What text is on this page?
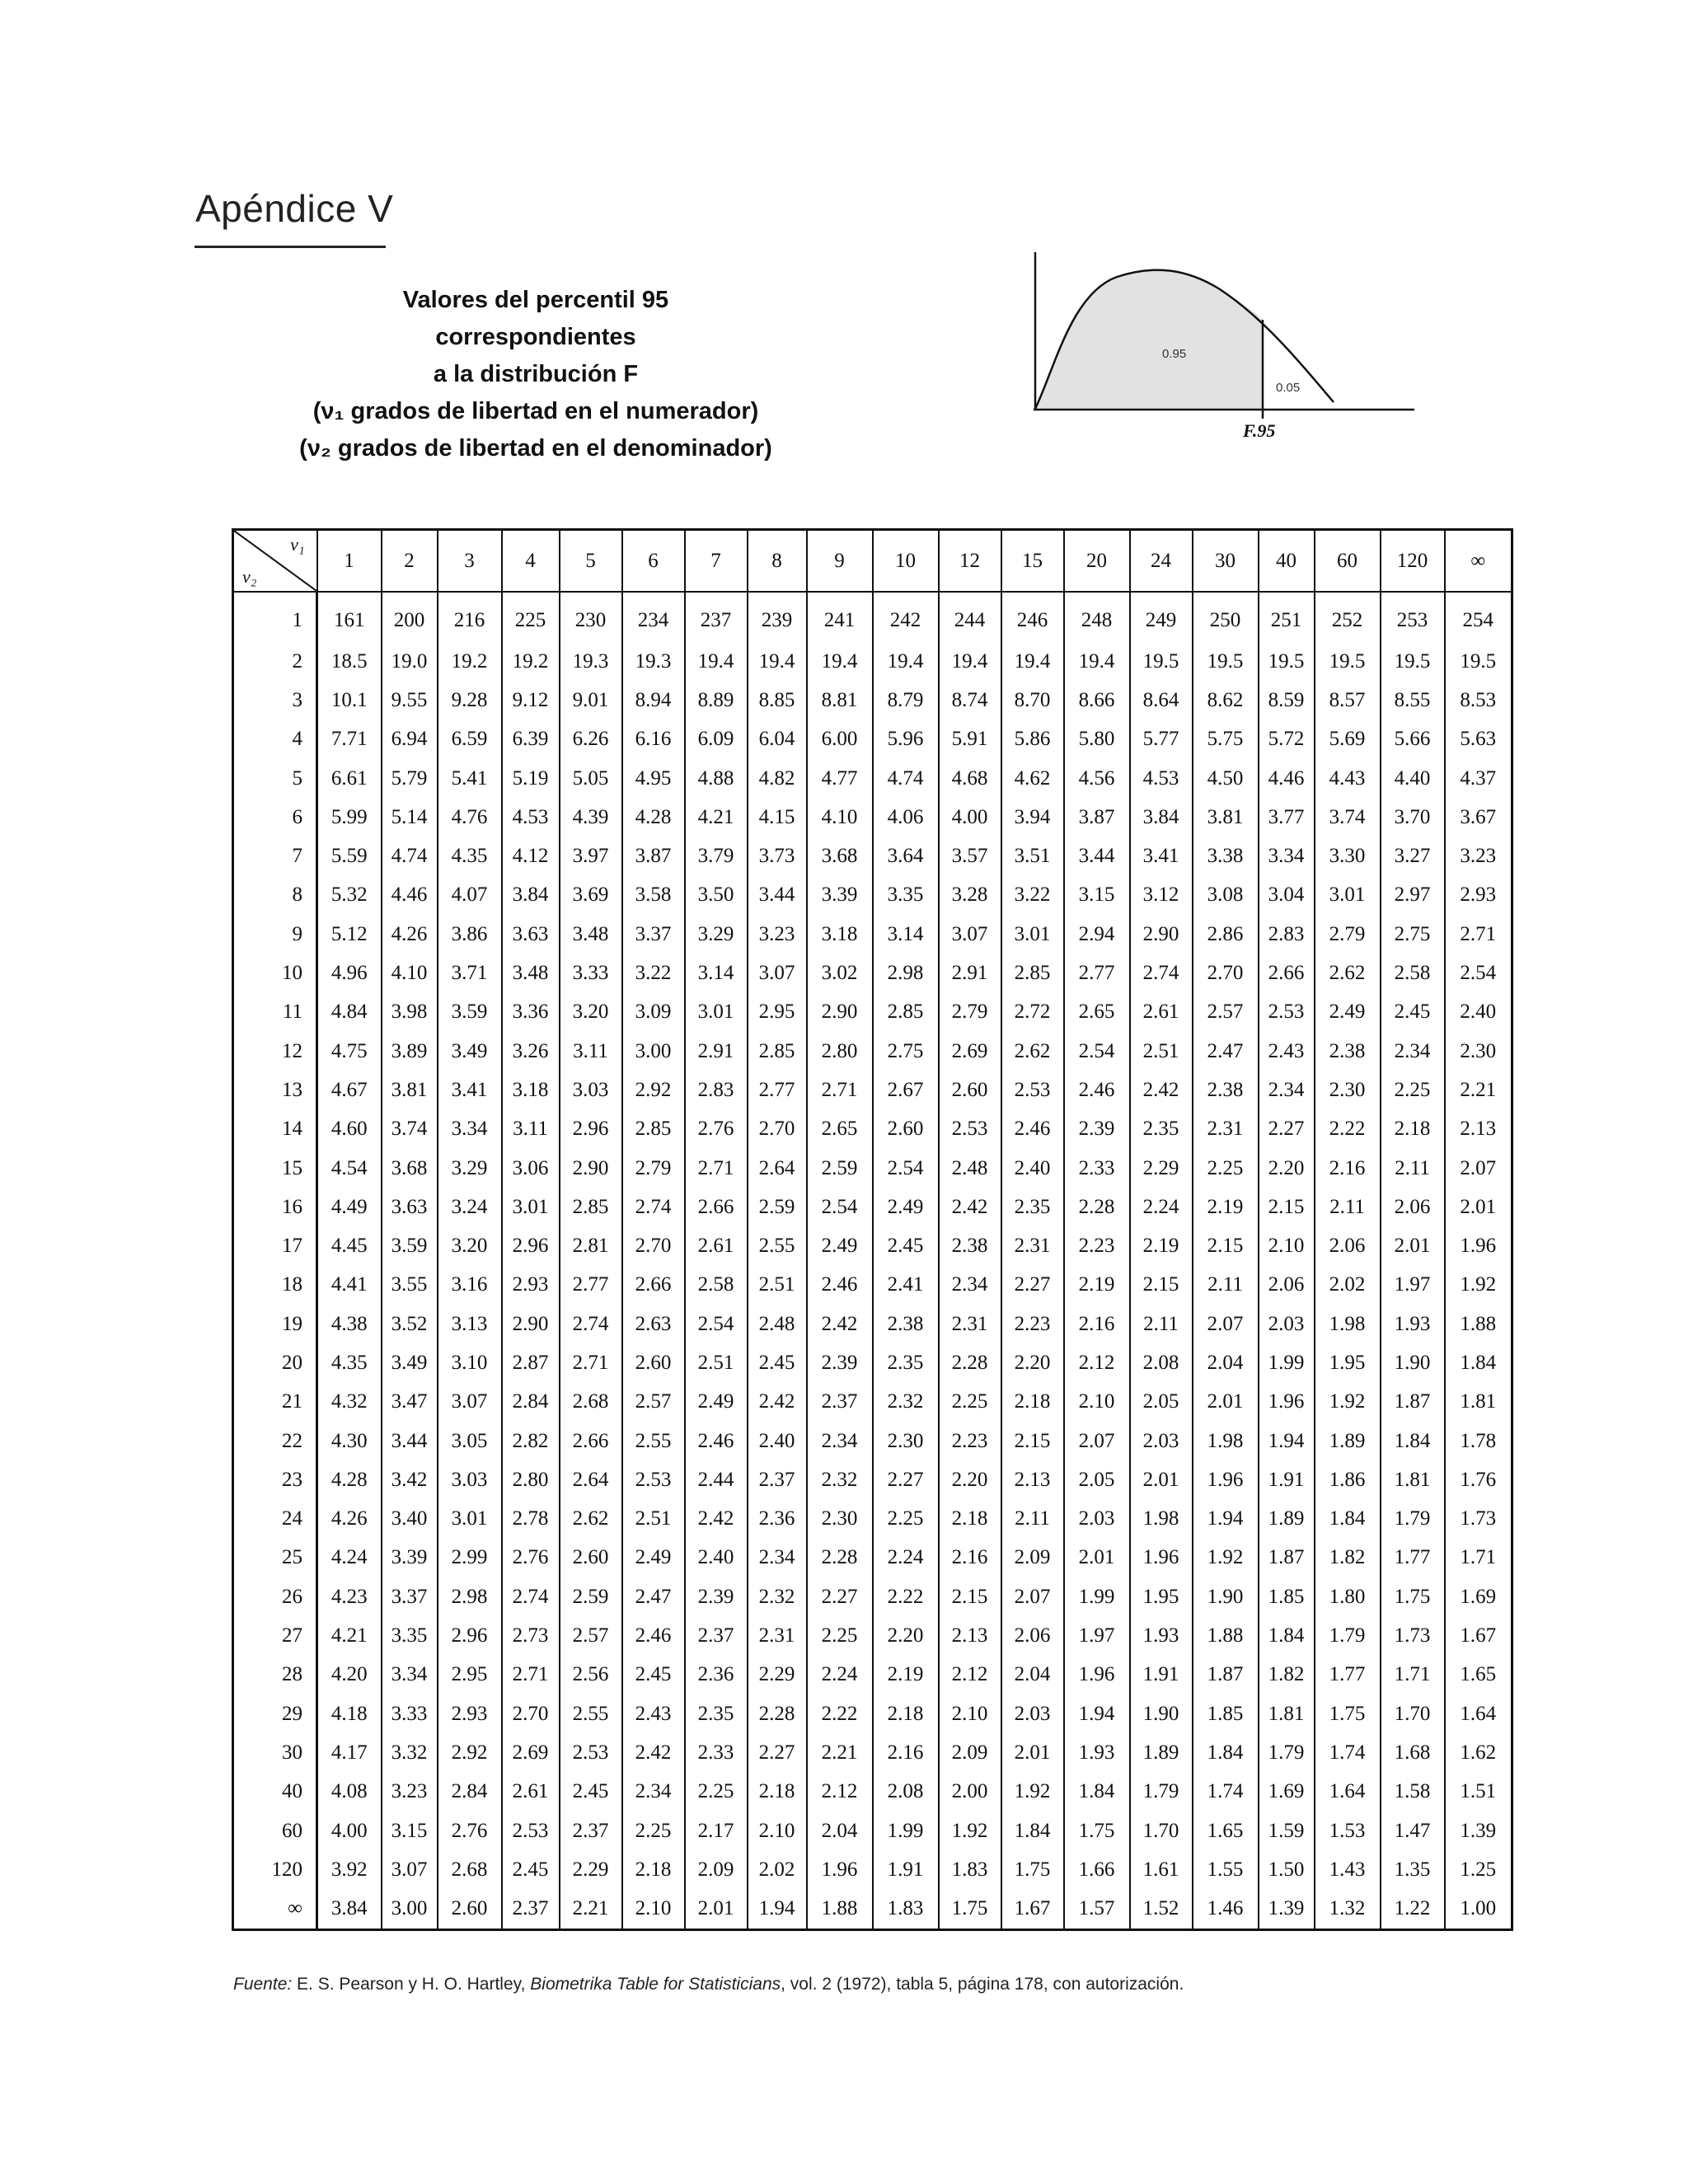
Apéndice V
Valores del percentil 95
correspondientes
a la distribución F
(ν₁ grados de libertad en el numerador)
(ν₂ grados de libertad en el denominador)
0.95
0.05
F.95
ν₁
ν₂	1	2	3	4	5	6	7	8	9	10	12	15	20	24	30	40	60	120	∞
1	161	200	216	225	230	234	237	239	241	242	244	246	248	249	250	251	252	253	254
2	18.5	19.0	19.2	19.2	19.3	19.3	19.4	19.4	19.4	19.4	19.4	19.4	19.4	19.5	19.5	19.5	19.5	19.5	19.5
3	10.1	9.55	9.28	9.12	9.01	8.94	8.89	8.85	8.81	8.79	8.74	8.70	8.66	8.64	8.62	8.59	8.57	8.55	8.53
4	7.71	6.94	6.59	6.39	6.26	6.16	6.09	6.04	6.00	5.96	5.91	5.86	5.80	5.77	5.75	5.72	5.69	5.66	5.63
5	6.61	5.79	5.41	5.19	5.05	4.95	4.88	4.82	4.77	4.74	4.68	4.62	4.56	4.53	4.50	4.46	4.43	4.40	4.37
6	5.99	5.14	4.76	4.53	4.39	4.28	4.21	4.15	4.10	4.06	4.00	3.94	3.87	3.84	3.81	3.77	3.74	3.70	3.67
7	5.59	4.74	4.35	4.12	3.97	3.87	3.79	3.73	3.68	3.64	3.57	3.51	3.44	3.41	3.38	3.34	3.30	3.27	3.23
8	5.32	4.46	4.07	3.84	3.69	3.58	3.50	3.44	3.39	3.35	3.28	3.22	3.15	3.12	3.08	3.04	3.01	2.97	2.93
9	5.12	4.26	3.86	3.63	3.48	3.37	3.29	3.23	3.18	3.14	3.07	3.01	2.94	2.90	2.86	2.83	2.79	2.75	2.71
10	4.96	4.10	3.71	3.48	3.33	3.22	3.14	3.07	3.02	2.98	2.91	2.85	2.77	2.74	2.70	2.66	2.62	2.58	2.54
11	4.84	3.98	3.59	3.36	3.20	3.09	3.01	2.95	2.90	2.85	2.79	2.72	2.65	2.61	2.57	2.53	2.49	2.45	2.40
12	4.75	3.89	3.49	3.26	3.11	3.00	2.91	2.85	2.80	2.75	2.69	2.62	2.54	2.51	2.47	2.43	2.38	2.34	2.30
13	4.67	3.81	3.41	3.18	3.03	2.92	2.83	2.77	2.71	2.67	2.60	2.53	2.46	2.42	2.38	2.34	2.30	2.25	2.21
14	4.60	3.74	3.34	3.11	2.96	2.85	2.76	2.70	2.65	2.60	2.53	2.46	2.39	2.35	2.31	2.27	2.22	2.18	2.13
15	4.54	3.68	3.29	3.06	2.90	2.79	2.71	2.64	2.59	2.54	2.48	2.40	2.33	2.29	2.25	2.20	2.16	2.11	2.07
16	4.49	3.63	3.24	3.01	2.85	2.74	2.66	2.59	2.54	2.49	2.42	2.35	2.28	2.24	2.19	2.15	2.11	2.06	2.01
17	4.45	3.59	3.20	2.96	2.81	2.70	2.61	2.55	2.49	2.45	2.38	2.31	2.23	2.19	2.15	2.10	2.06	2.01	1.96
18	4.41	3.55	3.16	2.93	2.77	2.66	2.58	2.51	2.46	2.41	2.34	2.27	2.19	2.15	2.11	2.06	2.02	1.97	1.92
19	4.38	3.52	3.13	2.90	2.74	2.63	2.54	2.48	2.42	2.38	2.31	2.23	2.16	2.11	2.07	2.03	1.98	1.93	1.88
20	4.35	3.49	3.10	2.87	2.71	2.60	2.51	2.45	2.39	2.35	2.28	2.20	2.12	2.08	2.04	1.99	1.95	1.90	1.84
21	4.32	3.47	3.07	2.84	2.68	2.57	2.49	2.42	2.37	2.32	2.25	2.18	2.10	2.05	2.01	1.96	1.92	1.87	1.81
22	4.30	3.44	3.05	2.82	2.66	2.55	2.46	2.40	2.34	2.30	2.23	2.15	2.07	2.03	1.98	1.94	1.89	1.84	1.78
23	4.28	3.42	3.03	2.80	2.64	2.53	2.44	2.37	2.32	2.27	2.20	2.13	2.05	2.01	1.96	1.91	1.86	1.81	1.76
24	4.26	3.40	3.01	2.78	2.62	2.51	2.42	2.36	2.30	2.25	2.18	2.11	2.03	1.98	1.94	1.89	1.84	1.79	1.73
25	4.24	3.39	2.99	2.76	2.60	2.49	2.40	2.34	2.28	2.24	2.16	2.09	2.01	1.96	1.92	1.87	1.82	1.77	1.71
26	4.23	3.37	2.98	2.74	2.59	2.47	2.39	2.32	2.27	2.22	2.15	2.07	1.99	1.95	1.90	1.85	1.80	1.75	1.69
27	4.21	3.35	2.96	2.73	2.57	2.46	2.37	2.31	2.25	2.20	2.13	2.06	1.97	1.93	1.88	1.84	1.79	1.73	1.67
28	4.20	3.34	2.95	2.71	2.56	2.45	2.36	2.29	2.24	2.19	2.12	2.04	1.96	1.91	1.87	1.82	1.77	1.71	1.65
29	4.18	3.33	2.93	2.70	2.55	2.43	2.35	2.28	2.22	2.18	2.10	2.03	1.94	1.90	1.85	1.81	1.75	1.70	1.64
30	4.17	3.32	2.92	2.69	2.53	2.42	2.33	2.27	2.21	2.16	2.09	2.01	1.93	1.89	1.84	1.79	1.74	1.68	1.62
40	4.08	3.23	2.84	2.61	2.45	2.34	2.25	2.18	2.12	2.08	2.00	1.92	1.84	1.79	1.74	1.69	1.64	1.58	1.51
60	4.00	3.15	2.76	2.53	2.37	2.25	2.17	2.10	2.04	1.99	1.92	1.84	1.75	1.70	1.65	1.59	1.53	1.47	1.39
120	3.92	3.07	2.68	2.45	2.29	2.18	2.09	2.02	1.96	1.91	1.83	1.75	1.66	1.61	1.55	1.50	1.43	1.35	1.25
∞	3.84	3.00	2.60	2.37	2.21	2.10	2.01	1.94	1.88	1.83	1.75	1.67	1.57	1.52	1.46	1.39	1.32	1.22	1.00
Fuente: E. S. Pearson y H. O. Hartley, Biometrika Table for Statisticians, vol. 2 (1972), tabla 5, página 178, con autorización.
